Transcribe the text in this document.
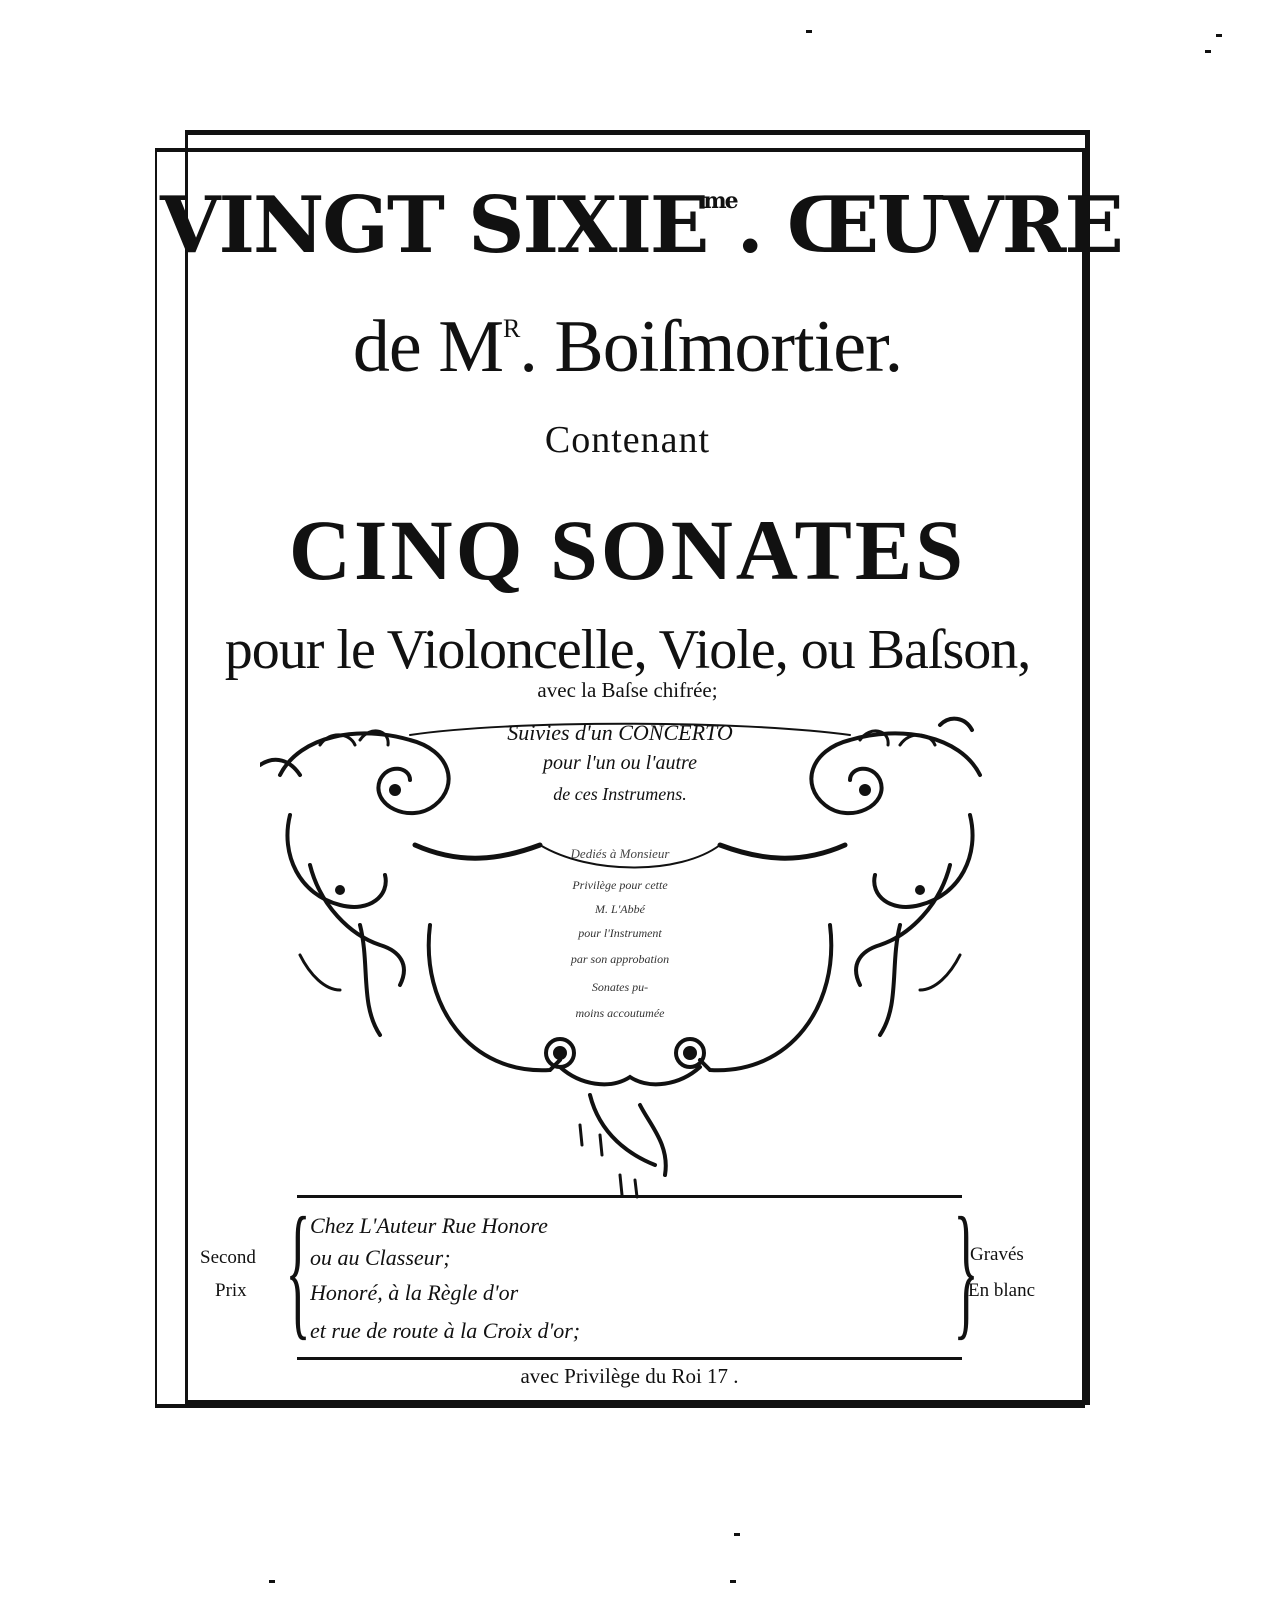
VINGT $SIXIE^{me}$. ŒUVRE
de $M^R$. Boiſmortier.
Contenant
CINQ SONATES
pour le Violoncelle, Viole, ou Baſson,
avec la Baſse chifrée;
Suivies d'un CONCERTO
pour l'un ou l'autre
de ces Instrumens.
Dediés à Monsieur
Privilège pour cette
M. L'Abbé
pour l'Instrument
par son approbation
Sonates pu-
moins accoutumée
Second
Prix
Gravés
En blanc
{	}
Chez L'Auteur Rue Honore
ou au Classeur;
Honoré, à la Règle d'or
et rue de route à la Croix d'or;
avec Privilège du Roi 17 .
